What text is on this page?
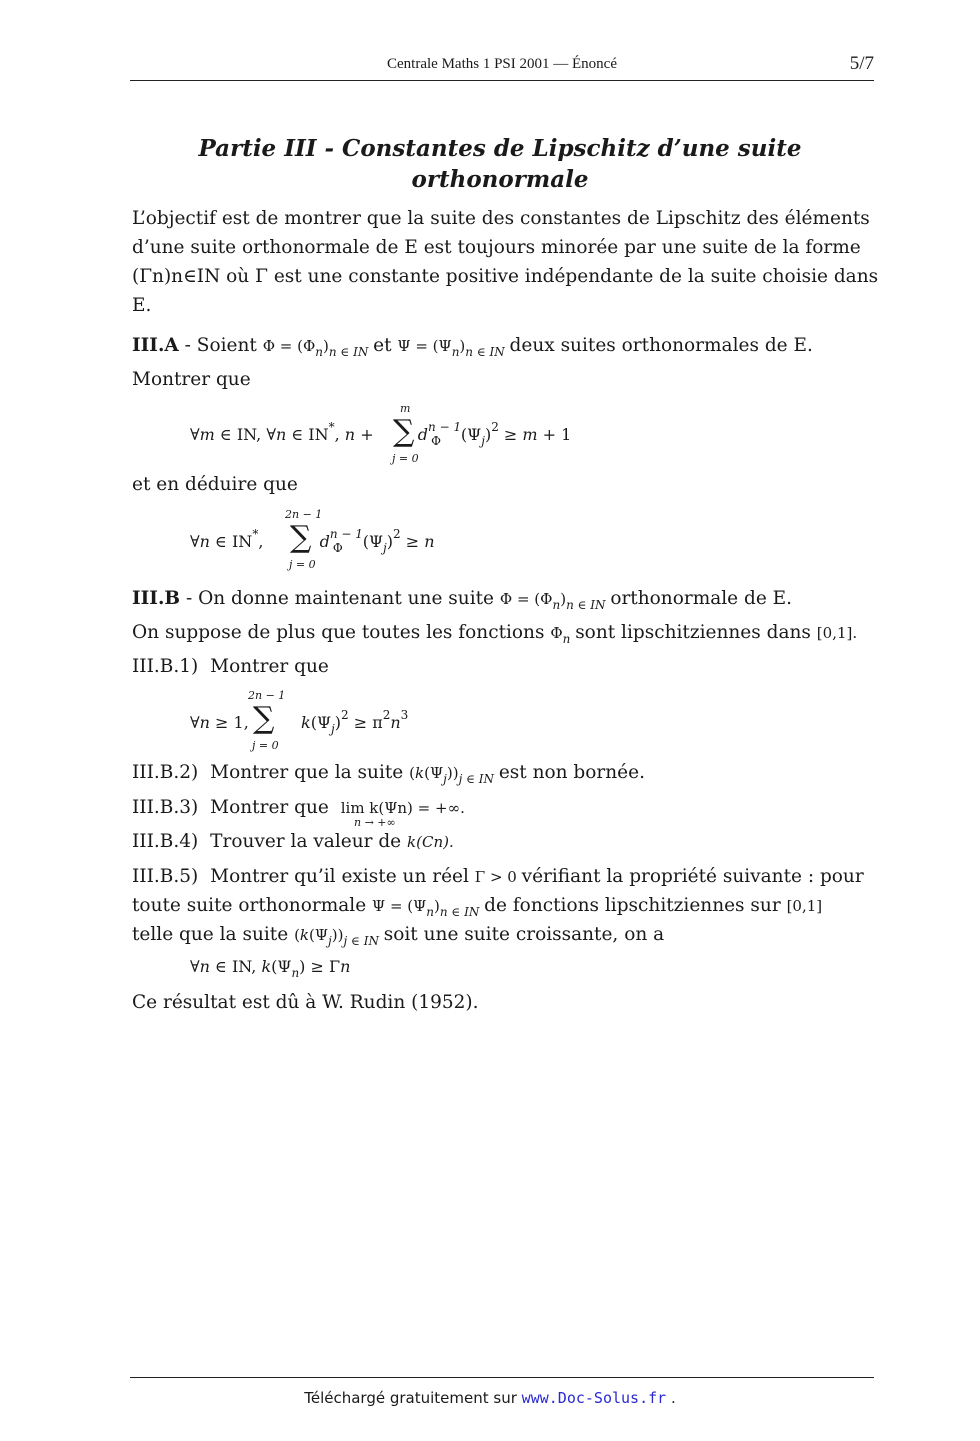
Centrale Maths 1 PSI 2001 — Énoncé	5/7
Partie III - Constantes de Lipschitz d’une suite orthonormale
L’objectif est de montrer que la suite des constantes de Lipschitz des éléments
d’une suite orthonormale de E est toujours minorée par une suite de la forme
(Γn)n∈IN où Γ est une constante positive indépendante de la suite choisie dans
E.
III.A - Soient $\Phi = (\Phi_n)_{n \in IN}$ et $\Psi = (\Psi_n)_{n \in IN}$ deux suites orthonormales de E.
Montrer que
∀m ∈ IN, ∀n ∈ IN*, $n + d^{n - 1}_\Phi$ $(\Psi_j)^2 \ge m + 1$
m
∑
j = 0
et en déduire que
∀n ∈ IN*,	$d^{n - 1}_\Phi$ $(\Psi_j)^2 \ge n$
2n − 1
∑
j = 0
III.B - On donne maintenant une suite $\Phi = (\Phi_n)_{n \in IN}$ orthonormale de E.
On suppose de plus que toutes les fonctions $\Phi_n$ sont lipschitziennes dans [0,1].
III.B.1) Montrer que
∀n ≥ 1,	$k(\Psi_j)^2 \ge \pi^2n^3$
2n − 1
∑
j = 0
III.B.2) Montrer que la suite $(k(\Psi_j))_{j \in IN}$ est non bornée.
III.B.3) Montrer que lim k(Ψn) = +∞.
n → +∞
III.B.4) Trouver la valeur de k(Cn).
III.B.5) Montrer qu’il existe un réel Γ > 0 vérifiant la propriété suivante : pour
toute suite orthonormale $\Psi = (\Psi_n)_{n \in IN}$ de fonctions lipschitziennes sur [0,1]
telle que la suite $(k(\Psi_j))_{j \in IN}$ soit une suite croissante, on a
∀n ∈ IN, $k(\Psi_n) \ge \Gamma n$
Ce résultat est dû à W. Rudin (1952).
Téléchargé gratuitement sur www.Doc-Solus.fr .
